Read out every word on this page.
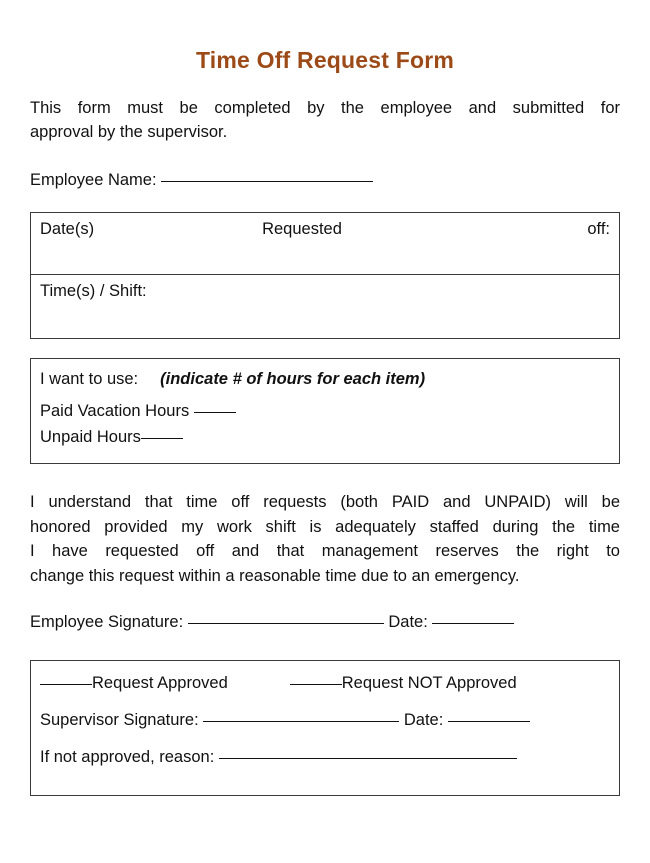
Time Off Request Form

This form must be completed by the employee and submitted for
approval by the supervisor.

Employee Name:
Date(s)	Requested	off:
Time(s) / Shift:
I want to use: (indicate # of hours for each item)
Paid Vacation Hours
Unpaid Hours

I understand that time off requests (both PAID and UNPAID) will be
honored provided my work shift is adequately staffed during the time
I have requested off and that management reserves the right to
change this request within a reasonable time due to an emergency.

Employee Signature:	Date:
Request Approved	Request NOT Approved
Supervisor Signature:	Date:
If not approved, reason:
